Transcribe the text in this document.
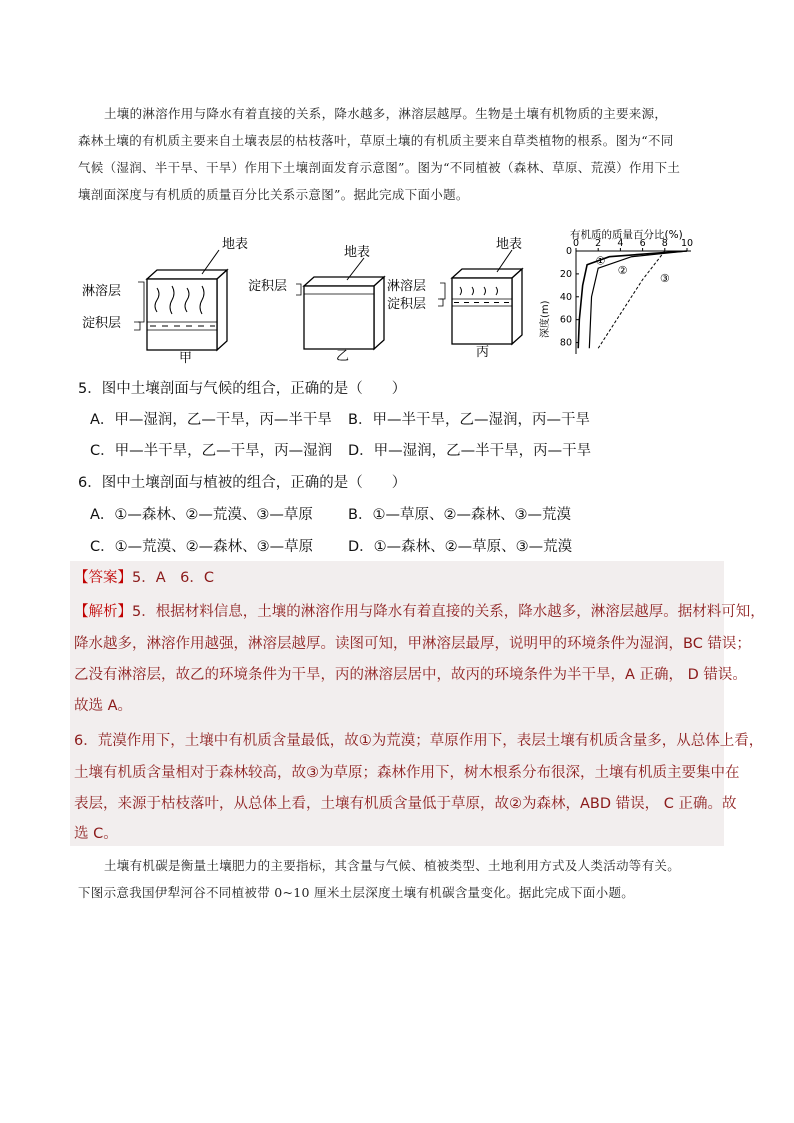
土壤的淋溶作用与降水有着直接的关系，降水越多，淋溶层越厚。生物是土壤有机物质的主要来源，
森林土壤的有机质主要来自土壤表层的枯枝落叶，草原土壤的有机质主要来自草类植物的根系。图为“不同
气候（湿润、半干旱、干旱）作用下土壤剖面发育示意图”。图为“不同植被（森林、草原、荒漠）作用下土
壤剖面深度与有机质的质量百分比关系示意图”。据此完成下面小题。
地表
淋溶层
淀积层
甲
地表
淀积层
乙
地表
淋溶层
淀积层
丙
有机质的质量百分比(%)
深度(m)
0 2 4 6 8 10
0
20
40
60
80
①
②
③
5．图中土壤剖面与气候的组合，正确的是（　　）
A．甲—湿润，乙—干旱，丙—半干旱 B．甲—半干旱，乙—湿润，丙—干旱
C．甲—半干旱，乙—干旱，丙—湿润 D．甲—湿润，乙—半干旱，丙—干旱
6．图中土壤剖面与植被的组合，正确的是（　　）
A．①—森林、②—荒漠、③—草原 B．①—草原、②—森林、③—荒漠
C．①—荒漠、②—森林、③—草原 D．①—森林、②—草原、③—荒漠
【答案】5．A　6．C
【解析】5．根据材料信息，土壤的淋溶作用与降水有着直接的关系，降水越多，淋溶层越厚。据材料可知，
降水越多，淋溶作用越强，淋溶层越厚。读图可知，甲淋溶层最厚，说明甲的环境条件为湿润，BC 错误；
乙没有淋溶层，故乙的环境条件为干旱，丙的淋溶层居中，故丙的环境条件为半干旱，A 正确， D 错误。
故选 A。
6．荒漠作用下，土壤中有机质含量最低，故①为荒漠；草原作用下，表层土壤有机质含量多，从总体上看，
土壤有机质含量相对于森林较高，故③为草原；森林作用下，树木根系分布很深，土壤有机质主要集中在
表层，来源于枯枝落叶，从总体上看，土壤有机质含量低于草原，故②为森林，ABD 错误， C 正确。故
选 C。
土壤有机碳是衡量土壤肥力的主要指标，其含量与气候、植被类型、土地利用方式及人类活动等有关。
下图示意我国伊犁河谷不同植被带 0~10 厘米土层深度土壤有机碳含量变化。据此完成下面小题。
